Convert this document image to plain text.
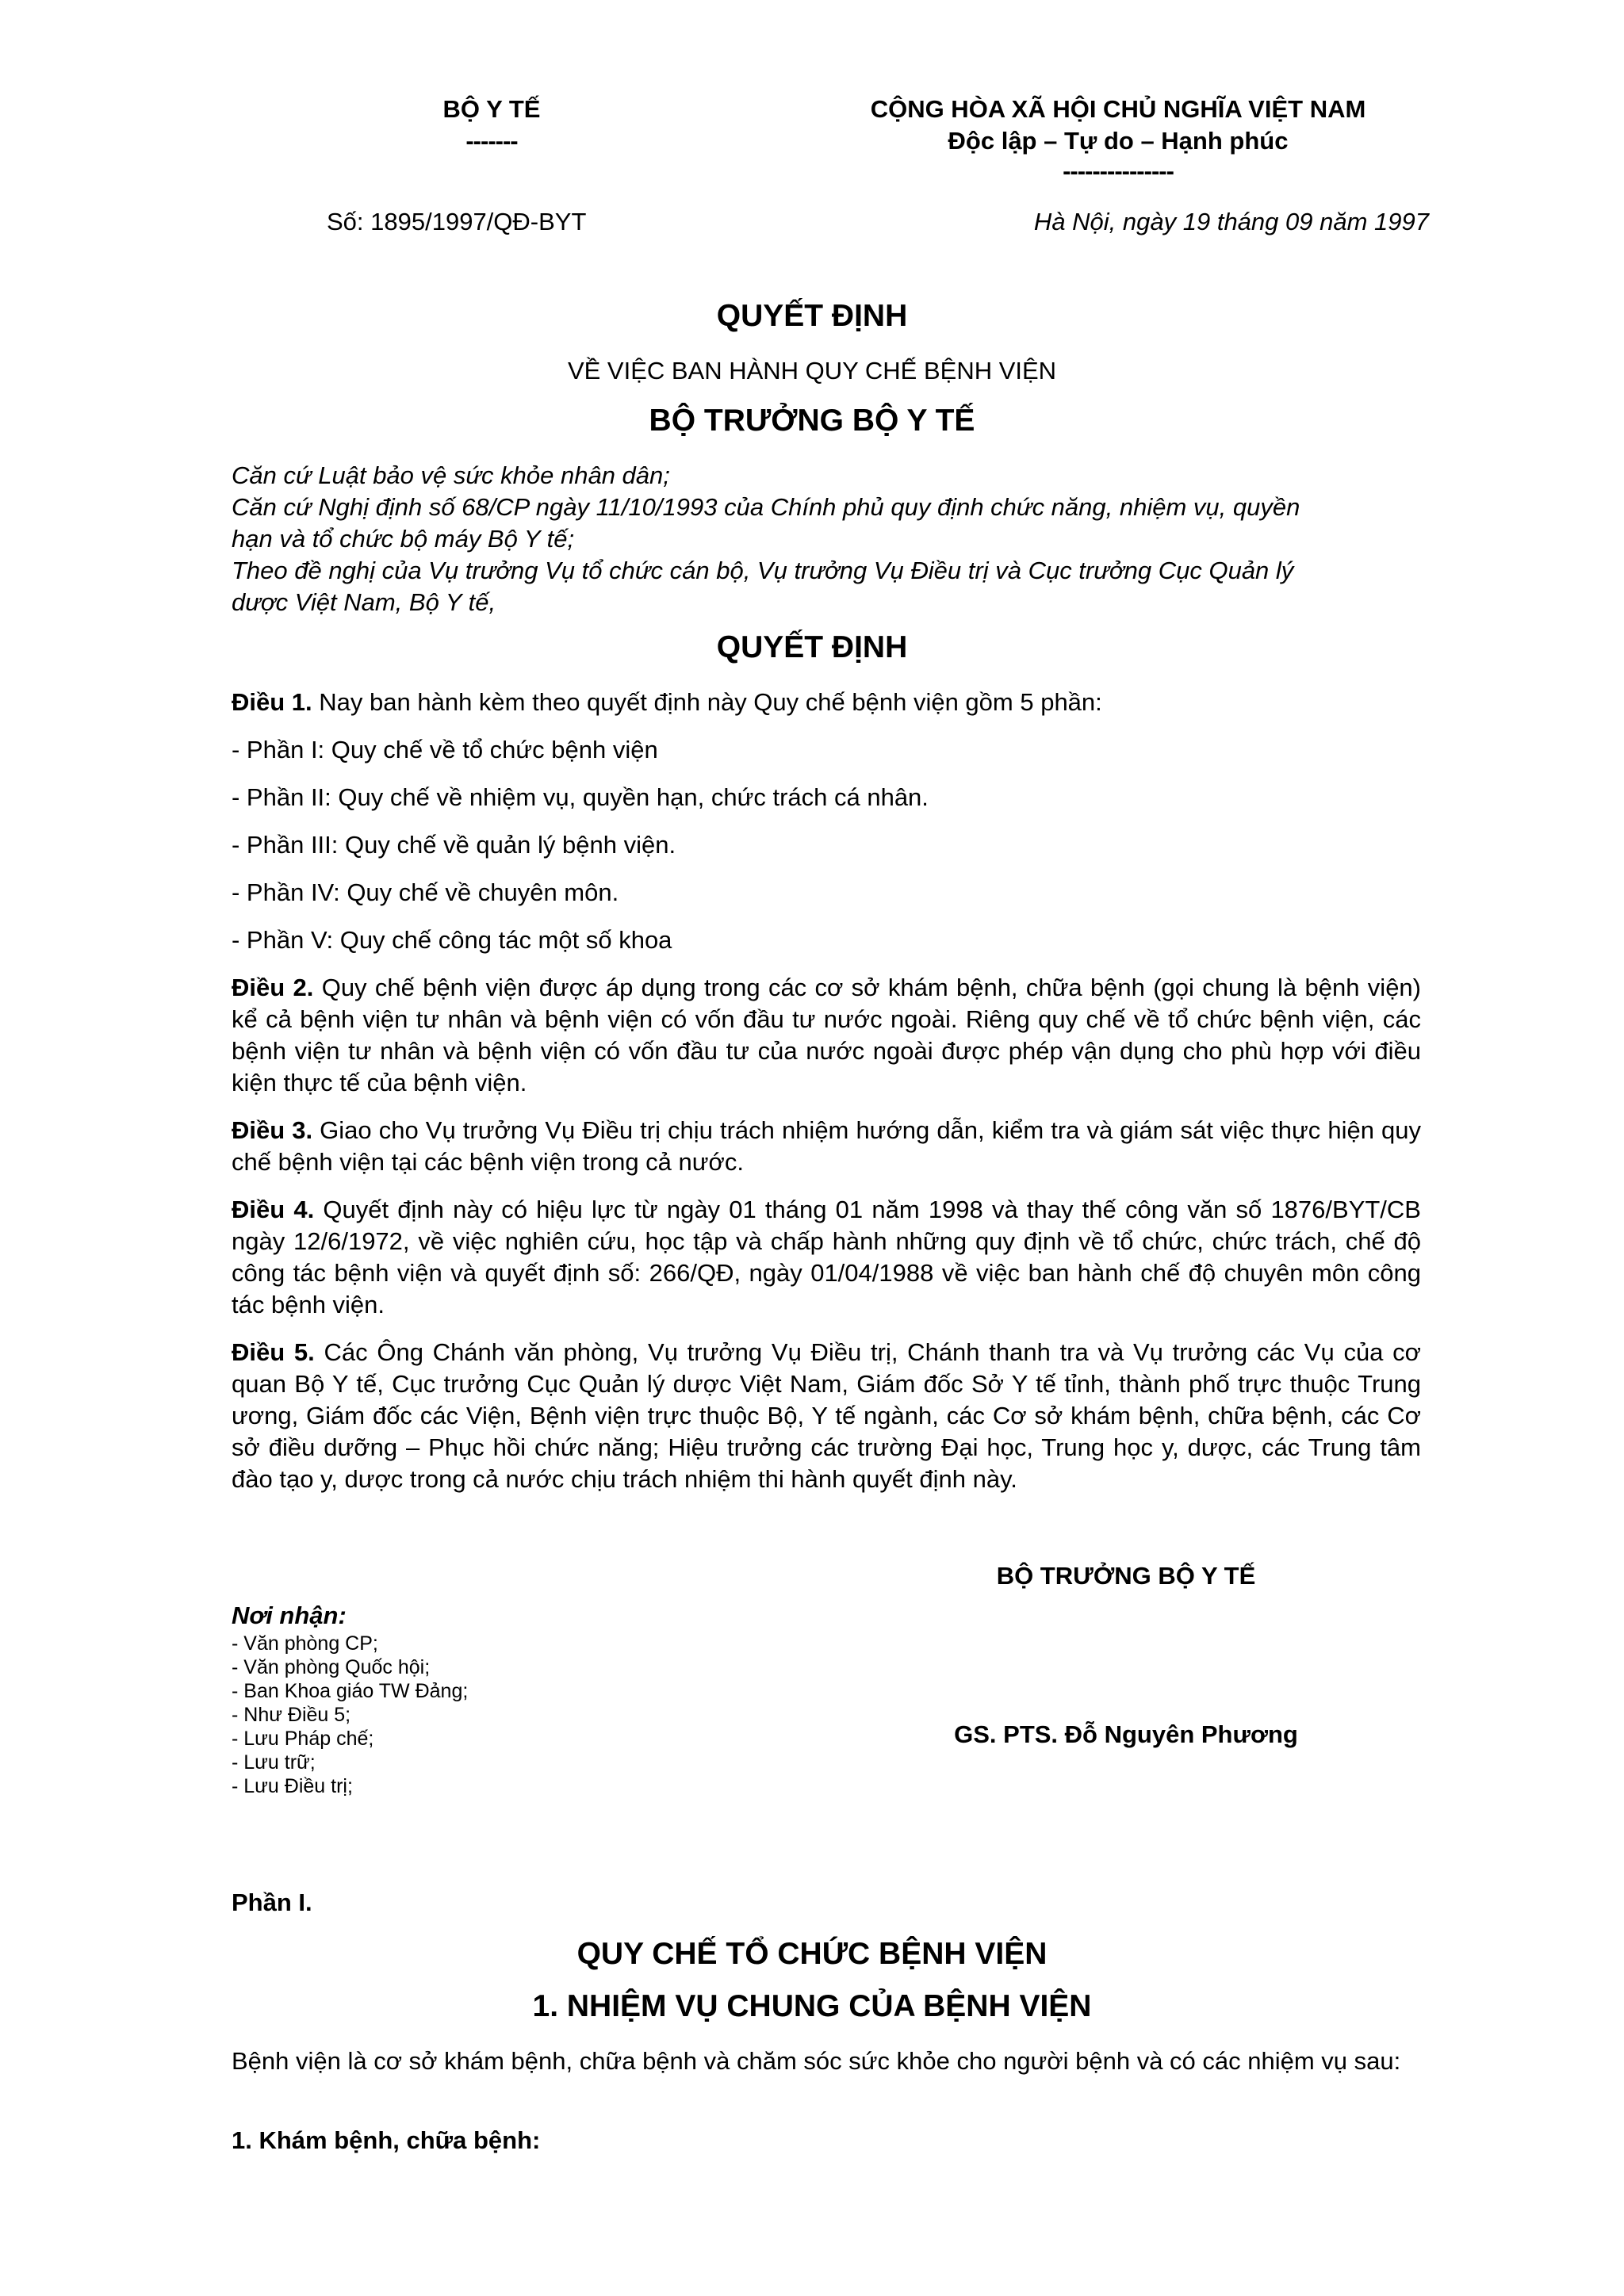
BỘ Y TẾ
-------
CỘNG HÒA XÃ HỘI CHỦ NGHĨA VIỆT NAM
Độc lập – Tự do – Hạnh phúc
---------------
Số: 1895/1997/QĐ-BYT	Hà Nội, ngày 19 tháng 09 năm 1997
QUYẾT ĐỊNH
VỀ VIỆC BAN HÀNH QUY CHẾ BỆNH VIỆN
BỘ TRƯỞNG BỘ Y TẾ
Căn cứ Luật bảo vệ sức khỏe nhân dân;
Căn cứ Nghị định số 68/CP ngày 11/10/1993 của Chính phủ quy định chức năng, nhiệm vụ, quyền
hạn và tổ chức bộ máy Bộ Y tế;
Theo đề nghị của Vụ trưởng Vụ tổ chức cán bộ, Vụ trưởng Vụ Điều trị và Cục trưởng Cục Quản lý
dược Việt Nam, Bộ Y tế,
QUYẾT ĐỊNH
Điều 1. Nay ban hành kèm theo quyết định này Quy chế bệnh viện gồm 5 phần:
- Phần I: Quy chế về tổ chức bệnh viện
- Phần II: Quy chế về nhiệm vụ, quyền hạn, chức trách cá nhân.
- Phần III: Quy chế về quản lý bệnh viện.
- Phần IV: Quy chế về chuyên môn.
- Phần V: Quy chế công tác một số khoa
Điều 2. Quy chế bệnh viện được áp dụng trong các cơ sở khám bệnh, chữa bệnh (gọi chung là bệnh viện) kể cả bệnh viện tư nhân và bệnh viện có vốn đầu tư nước ngoài. Riêng quy chế về tổ chức bệnh viện, các bệnh viện tư nhân và bệnh viện có vốn đầu tư của nước ngoài được phép vận dụng cho phù hợp với điều kiện thực tế của bệnh viện.
Điều 3. Giao cho Vụ trưởng Vụ Điều trị chịu trách nhiệm hướng dẫn, kiểm tra và giám sát việc thực hiện quy chế bệnh viện tại các bệnh viện trong cả nước.
Điều 4. Quyết định này có hiệu lực từ ngày 01 tháng 01 năm 1998 và thay thế công văn số 1876/BYT/CB ngày 12/6/1972, về việc nghiên cứu, học tập và chấp hành những quy định về tổ chức, chức trách, chế độ công tác bệnh viện và quyết định số: 266/QĐ, ngày 01/04/1988 về việc ban hành chế độ chuyên môn công tác bệnh viện.
Điều 5. Các Ông Chánh văn phòng, Vụ trưởng Vụ Điều trị, Chánh thanh tra và Vụ trưởng các Vụ của cơ quan Bộ Y tế, Cục trưởng Cục Quản lý dược Việt Nam, Giám đốc Sở Y tế tỉnh, thành phố trực thuộc Trung ương, Giám đốc các Viện, Bệnh viện trực thuộc Bộ, Y tế ngành, các Cơ sở khám bệnh, chữa bệnh, các Cơ sở điều dưỡng – Phục hồi chức năng; Hiệu trưởng các trường Đại học, Trung học y, dược, các Trung tâm đào tạo y, dược trong cả nước chịu trách nhiệm thi hành quyết định này.
BỘ TRƯỞNG BỘ Y TẾ
GS. PTS. Đỗ Nguyên Phương
Nơi nhận:
- Văn phòng CP;
- Văn phòng Quốc hội;
- Ban Khoa giáo TW Đảng;
- Như Điều 5;
- Lưu Pháp chế;
- Lưu trữ;
- Lưu Điều trị;
Phần I.
QUY CHẾ TỔ CHỨC BỆNH VIỆN
1. NHIỆM VỤ CHUNG CỦA BỆNH VIỆN
Bệnh viện là cơ sở khám bệnh, chữa bệnh và chăm sóc sức khỏe cho người bệnh và có các nhiệm vụ sau:
1. Khám bệnh, chữa bệnh:
